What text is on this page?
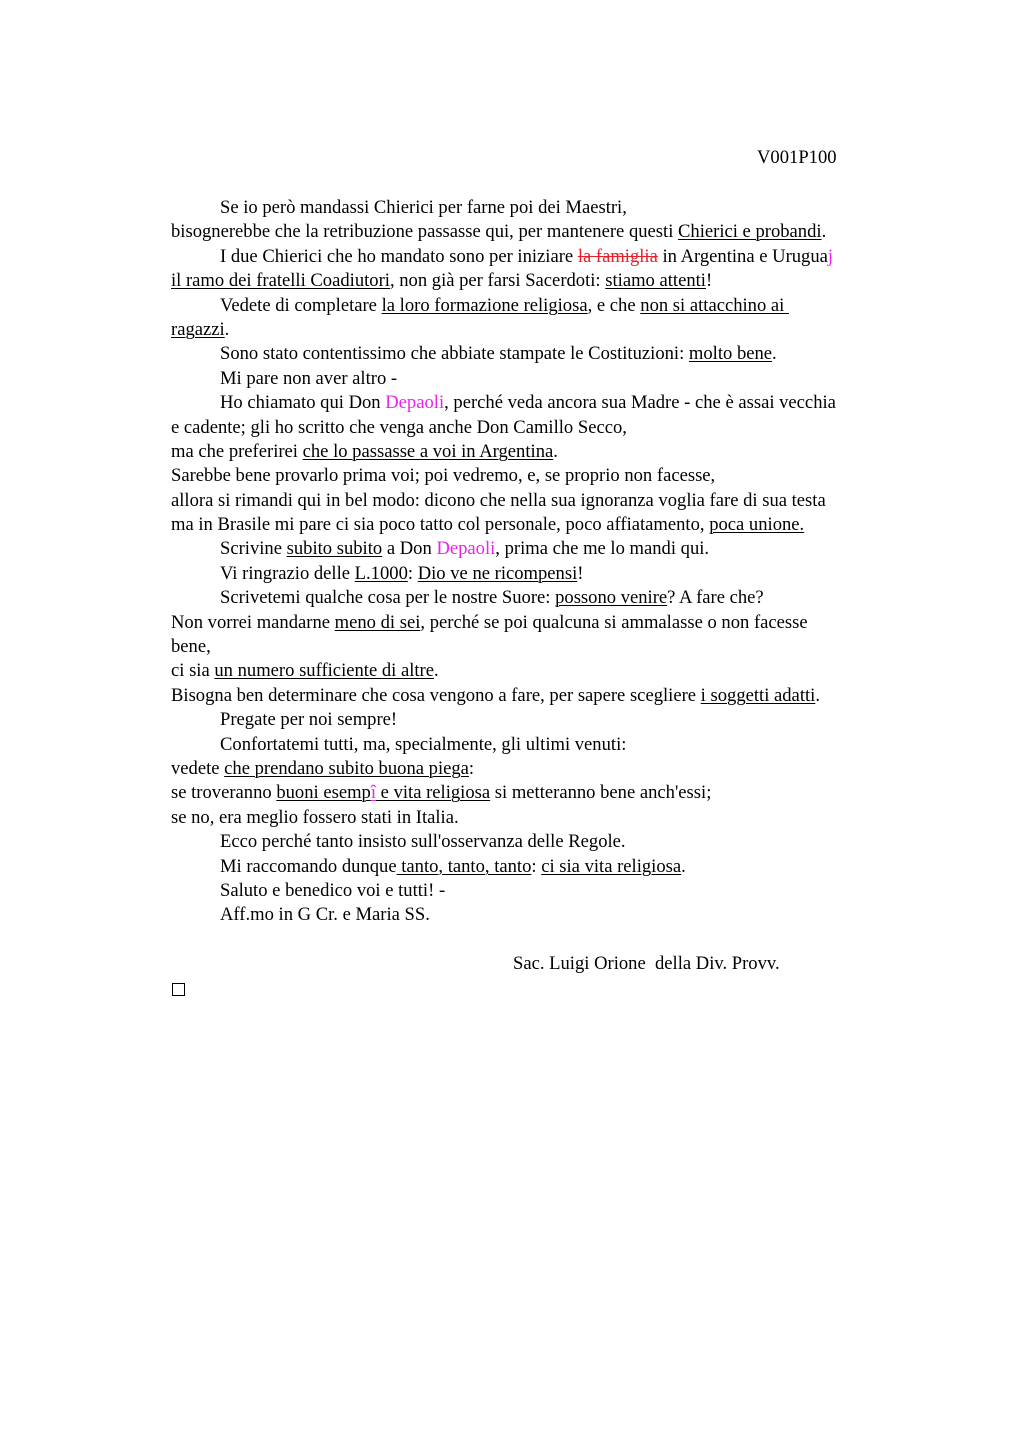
V001P100
Se io però mandassi Chierici per farne poi dei Maestri,
bisognerebbe che la retribuzione passasse qui, per mantenere questi Chierici e probandi.
I due Chierici che ho mandato sono per iniziare la famiglia in Argentina e Uruguaj
il ramo dei fratelli Coadiutori, non già per farsi Sacerdoti: stiamo attenti!
Vedete di completare la loro formazione religiosa, e che non si attacchino ai
ragazzi.
Sono stato contentissimo che abbiate stampate le Costituzioni: molto bene.
Mi pare non aver altro -
Ho chiamato qui Don Depaoli, perché veda ancora sua Madre - che è assai vecchia
e cadente; gli ho scritto che venga anche Don Camillo Secco,
ma che preferirei che lo passasse a voi in Argentina.
Sarebbe bene provarlo prima voi; poi vedremo, e, se proprio non facesse,
allora si rimandi qui in bel modo: dicono che nella sua ignoranza voglia fare di sua testa
ma in Brasile mi pare ci sia poco tatto col personale, poco affiatamento, poca unione.
Scrivine subito subito a Don Depaoli, prima che me lo mandi qui.
Vi ringrazio delle L.1000: Dio ve ne ricompensi!
Scrivetemi qualche cosa per le nostre Suore: possono venire? A fare che?
Non vorrei mandarne meno di sei, perché se poi qualcuna si ammalasse o non facesse
bene,
ci sia un numero sufficiente di altre.
Bisogna ben determinare che cosa vengono a fare, per sapere scegliere i soggetti adatti.
Pregate per noi sempre!
Confortatemi tutti, ma, specialmente, gli ultimi venuti:
vedete che prendano subito buona piega:
se troveranno buoni esempî e vita religiosa si metteranno bene anch'essi;
se no, era meglio fossero stati in Italia.
Ecco perché tanto insisto sull'osservanza delle Regole.
Mi raccomando dunque tanto, tanto, tanto: ci sia vita religiosa.
Saluto e benedico voi e tutti! -
Aff.mo in G Cr. e Maria SS.
Sac. Luigi Orione  della Div. Provv.
